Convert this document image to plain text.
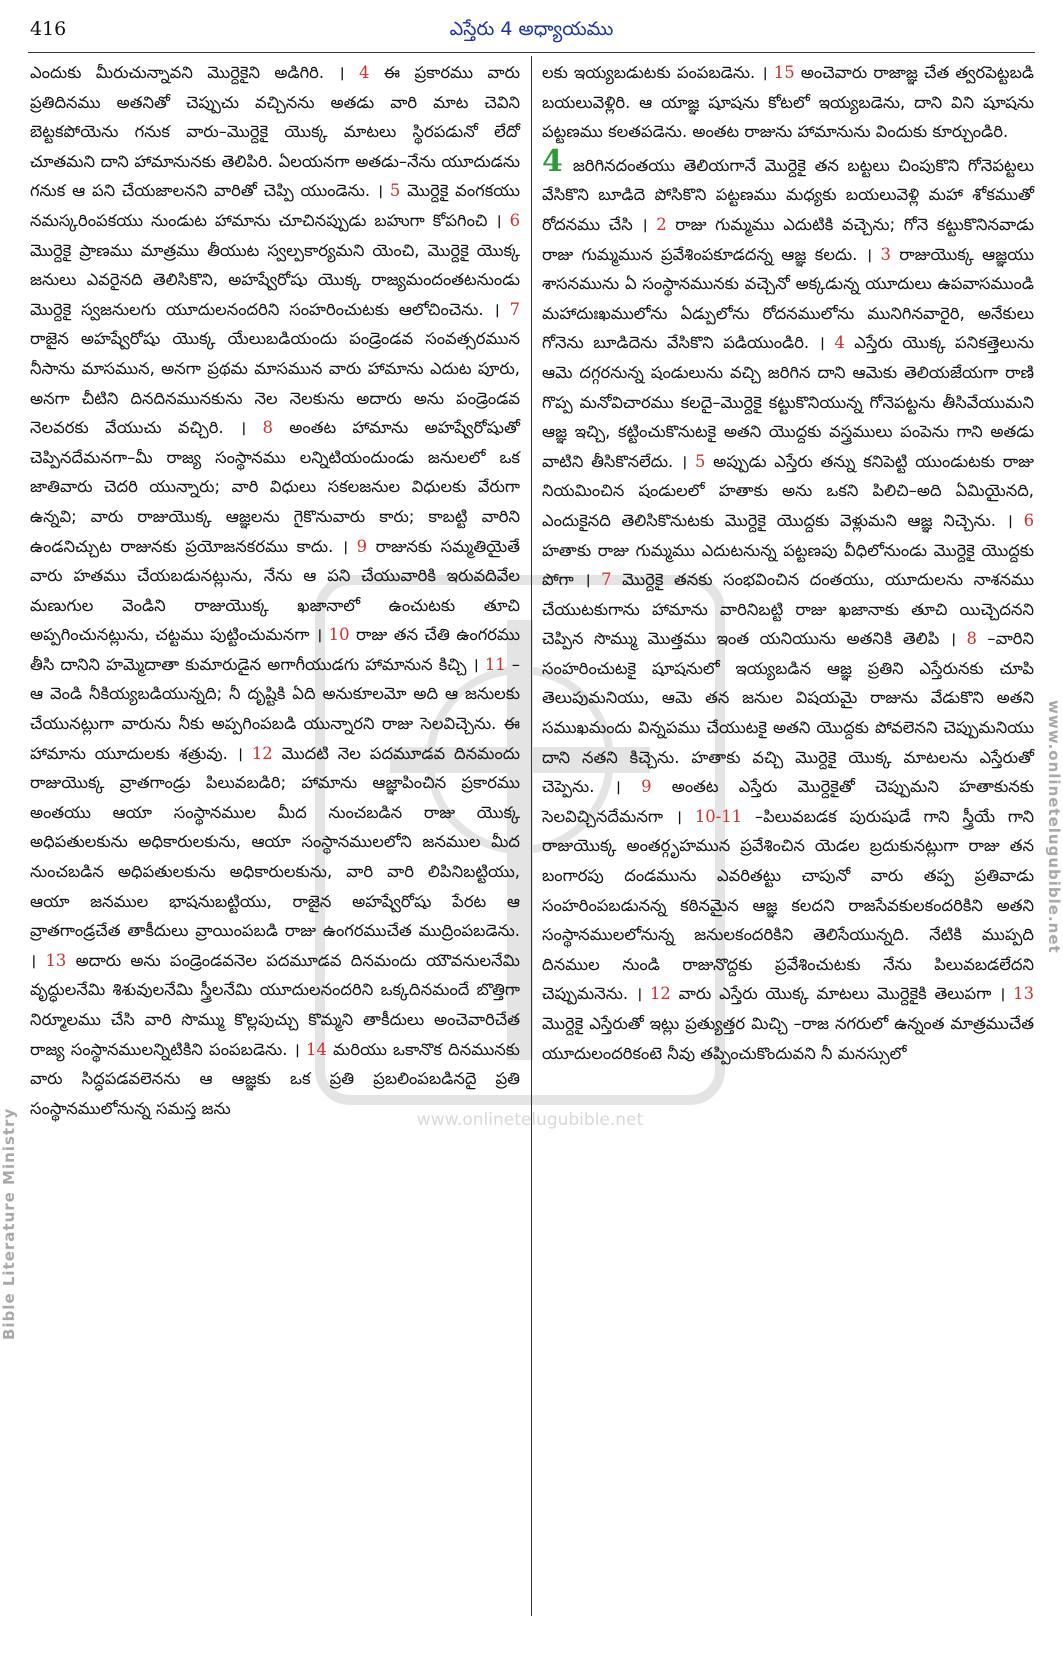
416	ఎస్తేరు 4 అధ్యాయము
www.onlinetelugubible.net
ఎందుకు మీరుచున్నావని మొర్దెకైని అడిగిరి. । 4 ఈ ప్రకారము వారు ప్రతిదినము అతనితో చెప్పుచు వచ్చినను అతడు వారి మాట చెవిని బెట్టకపోయెను గనుక వారు–మొర్దెకై యొక్క మాటలు స్థిరపడునో లేదో చూతమని దాని హామానునకు తెలిపిరి. ఏలయనగా అతడు–నేను యూదుడను గనుక ఆ పని చేయజాలనని వారితో చెప్పి యుండెను. । 5 మొర్దెకై వంగకయు నమస్కరింపకయు నుండుట హామాను చూచినప్పుడు బహుగా కోపగించి । 6 మొర్దెకై ప్రాణము మాత్రము తీయుట స్వల్పకార్యమని యెంచి, మొర్దెకై యొక్క జనులు ఎవరైనది తెలిసికొని, అహష్వేరోషు యొక్క రాజ్యమందంతటనుండు మొర్దెకై స్వజనులగు యూదులనందరిని సంహరించుటకు ఆలోచించెను. । 7 రాజైన అహష్వేరోషు యొక్క యేలుబడియందు పండ్రెండవ సంవత్సరమున నీసాను మాసమున, అనగా ప్రథమ మాసమున వారు హామాను ఎదుట పూరు, అనగా చీటిని దినదినమునకును నెల నెలకును అదారు అను పండ్రెండవ నెలవరకు వేయుచు వచ్చిరి. । 8 అంతట హామాను అహష్వేరోషుతో చెప్పినదేమనగా–మీ రాజ్య సంస్థానము లన్నిటియందుండు జనులలో ఒక జాతివారు చెదరి యున్నారు; వారి విధులు సకలజనుల విధులకు వేరుగా ఉన్నవి; వారు రాజుయొక్క ఆజ్ఞలను గైకొనువారు కారు; కాబట్టి వారిని ఉండనిచ్చుట రాజునకు ప్రయోజనకరము కాదు. । 9 రాజునకు సమ్మతియైతే వారు హతము చేయబడునట్లును, నేను ఆ పని చేయువారికి ఇరువదివేల మణుగుల వెండిని రాజుయొక్క ఖజానాలో ఉంచుటకు తూచి అప్పగించునట్లును, చట్టము పుట్టించుమనగా । 10 రాజు తన చేతి ఉంగరము తీసి దానిని హమ్మెదాతా కుమారుడైన అగాగీయుడగు హామానున కిచ్చి । 11 –ఆ వెండి నీకియ్యబడియున్నది; నీ దృష్టికి ఏది అనుకూలమో అది ఆ జనులకు చేయునట్లుగా వారును నీకు అప్పగింపబడి యున్నారని రాజు సెలవిచ్చెను. ఈ హామాను యూదులకు శత్రువు. । 12 మొదటి నెల పదమూడవ దినమందు రాజుయొక్క వ్రాతగాండ్రు పిలువబడిరి; హామాను ఆజ్ఞాపించిన ప్రకారము అంతయు ఆయా సంస్థానముల మీద నుంచబడిన రాజు యొక్క అధిపతులకును అధికారులకును, ఆయా సంస్థానములలోని జనముల మీద నుంచబడిన అధిపతులకును అధికారులకును, వారి వారి లిపినిబట్టియు, ఆయా జనముల భాషనుబట్టియు, రాజైన అహష్వేరోషు పేరట ఆ వ్రాతగాండ్రచేత తాకీదులు వ్రాయింపబడి రాజు ఉంగరముచేత ముద్రింపబడెను. । 13 అదారు అను పండ్రెండవనెల పదమూడవ దినమందు యౌవనులనేమి వృద్ధులనేమి శిశువులనేమి స్త్రీలనేమి యూదులనందరిని ఒక్కదినమందే బొత్తిగా నిర్మూలము చేసి వారి సొమ్ము కొల్లపుచ్చు కొమ్మని తాకీదులు అంచెవారిచేత రాజ్య సంస్థానములన్నిటికిని పంపబడెను. । 14 మరియు ఒకానొక దినమునకు వారు సిద్ధపడవలెనను ఆ ఆజ్ఞకు ఒక ప్రతి ప్రబలింపబడినదై ప్రతి సంస్థానములోనున్న సమస్త జను
లకు ఇయ్యబడుటకు పంపబడెను. । 15 అంచెవారు రాజాజ్ఞ చేత త్వరపెట్టబడి బయలువెళ్లిరి. ఆ యాజ్ఞ షూషను కోటలో ఇయ్యబడెను, దాని విని షూషను పట్టణము కలతపడెను. అంతట రాజును హామానును విందుకు కూర్చుండిరి.
4 జరిగినదంతయు తెలియగానే మొర్దెకై తన బట్టలు చింపుకొని గోనెపట్టలు వేసికొని బూడిదె పోసికొని పట్టణము మధ్యకు బయలువెళ్లి మహా శోకముతో రోదనము చేసి । 2 రాజు గుమ్మము ఎదుటికి వచ్చెను; గోనె కట్టుకొనినవాడు రాజు గుమ్మమున ప్రవేశింపకూడదన్న ఆజ్ఞ కలదు. । 3 రాజుయొక్క ఆజ్ఞయు శాసనమును ఏ సంస్థానమునకు వచ్చెనో అక్కడున్న యూదులు ఉపవాసముండి మహాదుఃఖములోను ఏడ్పులోను రోదనములోను మునిగినవారైరి, అనేకులు గోనెను బూడిదెను వేసికొని పడియుండిరి. । 4 ఎస్తేరు యొక్క పనికత్తెలును ఆమె దగ్గరనున్న షండులును వచ్చి జరిగిన దాని ఆమెకు తెలియజేయగా రాణి గొప్ప మనోవిచారము కలదై–మొర్దెకై కట్టుకొనియున్న గోనెపట్టను తీసివేయుమని ఆజ్ఞ ఇచ్చి, కట్టించుకొనుటకై అతని యొద్దకు వస్త్రములు పంపెను గాని అతడు వాటిని తీసికొనలేదు. । 5 అప్పుడు ఎస్తేరు తన్ను కనిపెట్టి యుండుటకు రాజు నియమించిన షండులలో హతాకు అను ఒకని పిలిచి–అది ఏమియైనది, ఎందుకైనది తెలిసికొనుటకు మొర్దెకై యొద్దకు వెళ్లుమని ఆజ్ఞ నిచ్చెను. । 6 హతాకు రాజు గుమ్మము ఎదుటనున్న పట్టణపు వీధిలోనుండు మొర్దెకై యొద్దకు పోగా । 7 మొర్దెకై తనకు సంభవించిన దంతయు, యూదులను నాశనము చేయుటకుగాను హామాను వారినిబట్టి రాజు ఖజానాకు తూచి యిచ్చెదనని చెప్పిన సొమ్ము మొత్తము ఇంత యనియును అతనికి తెలిపి । 8 –వారిని సంహరించుటకై షూషనులో ఇయ్యబడిన ఆజ్ఞ ప్రతిని ఎస్తేరునకు చూపి తెలుపుమనియు, ఆమె తన జనుల విషయమై రాజును వేడుకొని అతని సముఖమందు విన్నపము చేయుటకై అతని యొద్దకు పోవలెనని చెప్పుమనియు దాని నతని కిచ్చెను. హతాకు వచ్చి మొర్దెకై యొక్క మాటలను ఎస్తేరుతో చెప్పెను. । 9 అంతట ఎస్తేరు మొర్దెకైతో చెప్పుమని హతాకునకు సెలవిచ్చినదేమనగా । 10-11 –పిలువబడక పురుషుడే గాని స్త్రీయే గాని రాజుయొక్క అంతర్గృహమున ప్రవేశించిన యెడల బ్రదుకునట్లుగా రాజు తన బంగారపు దండమును ఎవరితట్టు చాపునో వారు తప్ప ప్రతివాడు సంహరింపబడునన్న కఠినమైన ఆజ్ఞ కలదని రాజసేవకులకందరికిని అతని సంస్థానములలోనున్న జనులకందరికిని తెలిసేయున్నది. నేటికి ముప్పది దినముల నుండి రాజునొద్దకు ప్రవేశించుటకు నేను పిలువబడలేదని చెప్పుమనెను. । 12 వారు ఎస్తేరు యొక్క మాటలు మొర్దెకైకి తెలుపగా । 13 మొర్దెకై ఎస్తేరుతో ఇట్లు ప్రత్యుత్తర మిచ్చి –రాజ నగరులో ఉన్నంత మాత్రముచేత యూదులందరికంటె నీవు తప్పించుకొందువని నీ మనస్సులో
Bible Literature Ministry
www.onlinetelugubible.net
